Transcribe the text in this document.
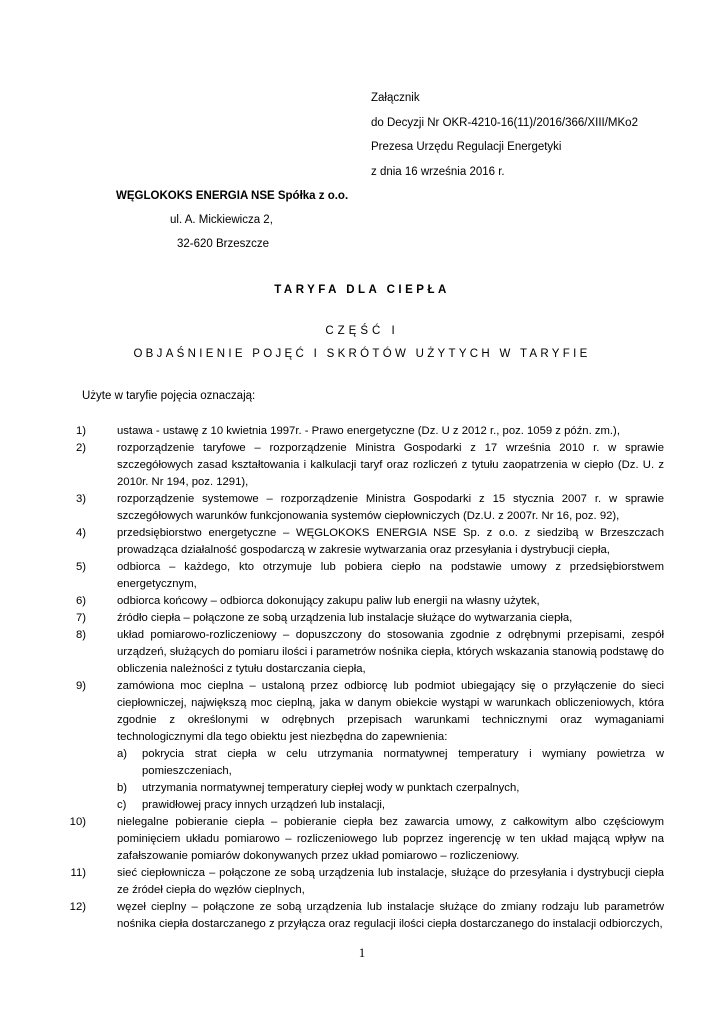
Załącznik
do Decyzji Nr OKR-4210-16(11)/2016/366/XIII/MKo2
Prezesa Urzędu Regulacji Energetyki
z dnia 16 września 2016 r.
WĘGLOKOKS ENERGIA NSE Spółka z o.o.
ul. A. Mickiewicza 2,
32-620 Brzeszcze
TARYFA DLA CIEPŁA
CZĘŚĆ I
OBJAŚNIENIE POJĘĆ I SKRÓTÓW UŻYTYCH W TARYFIE
Użyte w taryfie pojęcia oznaczają:
1)	ustawa - ustawę z 10 kwietnia 1997r. - Prawo energetyczne (Dz. U z 2012 r., poz. 1059 z późn. zm.),
2)	rozporządzenie taryfowe – rozporządzenie Ministra Gospodarki z 17 września 2010 r. w sprawie szczegółowych zasad kształtowania i kalkulacji taryf oraz rozliczeń z tytułu zaopatrzenia w ciepło (Dz. U. z 2010r. Nr 194, poz. 1291),
3)	rozporządzenie systemowe – rozporządzenie Ministra Gospodarki z 15 stycznia 2007 r. w sprawie szczegółowych warunków funkcjonowania systemów ciepłowniczych (Dz.U. z 2007r. Nr 16, poz. 92),
4)	przedsiębiorstwo energetyczne – WĘGLOKOKS ENERGIA NSE Sp. z o.o. z siedzibą w Brzeszczach prowadząca działalność gospodarczą w zakresie wytwarzania oraz przesyłania i dystrybucji ciepła,
5)	odbiorca – każdego, kto otrzymuje lub pobiera ciepło na podstawie umowy z przedsiębiorstwem energetycznym,
6)	odbiorca końcowy – odbiorca dokonujący zakupu paliw lub energii na własny użytek,
7)	źródło ciepła – połączone ze sobą urządzenia lub instalacje służące do wytwarzania ciepła,
8)	układ pomiarowo-rozliczeniowy – dopuszczony do stosowania zgodnie z odrębnymi przepisami, zespół urządzeń, służących do pomiaru ilości i parametrów nośnika ciepła, których wskazania stanowią podstawę do obliczenia należności z tytułu dostarczania ciepła,
9)	zamówiona moc cieplna – ustaloną przez odbiorcę lub podmiot ubiegający się o przyłączenie do sieci ciepłowniczej, największą moc cieplną, jaka w danym obiekcie wystąpi w warunkach obliczeniowych, która zgodnie z określonymi w odrębnych przepisach warunkami technicznymi oraz wymaganiami technologicznymi dla tego obiektu jest niezbędna do zapewnienia:
a) pokrycia strat ciepła w celu utrzymania normatywnej temperatury i wymiany powietrza w pomieszczeniach,
b) utrzymania normatywnej temperatury ciepłej wody w punktach czerpalnych,
c) prawidłowej pracy innych urządzeń lub instalacji,
10)	nielegalne pobieranie ciepła – pobieranie ciepła bez zawarcia umowy, z całkowitym albo częściowym pominięciem układu pomiarowo – rozliczeniowego lub poprzez ingerencję w ten układ mającą wpływ na zafałszowanie pomiarów dokonywanych przez układ pomiarowo – rozliczeniowy.
11)	sieć ciepłownicza – połączone ze sobą urządzenia lub instalacje, służące do przesyłania i dystrybucji ciepła ze źródeł ciepła do węzłów cieplnych,
12)	węzeł cieplny – połączone ze sobą urządzenia lub instalacje służące do zmiany rodzaju lub parametrów nośnika ciepła dostarczanego z przyłącza oraz regulacji ilości ciepła dostarczanego do instalacji odbiorczych,
1
